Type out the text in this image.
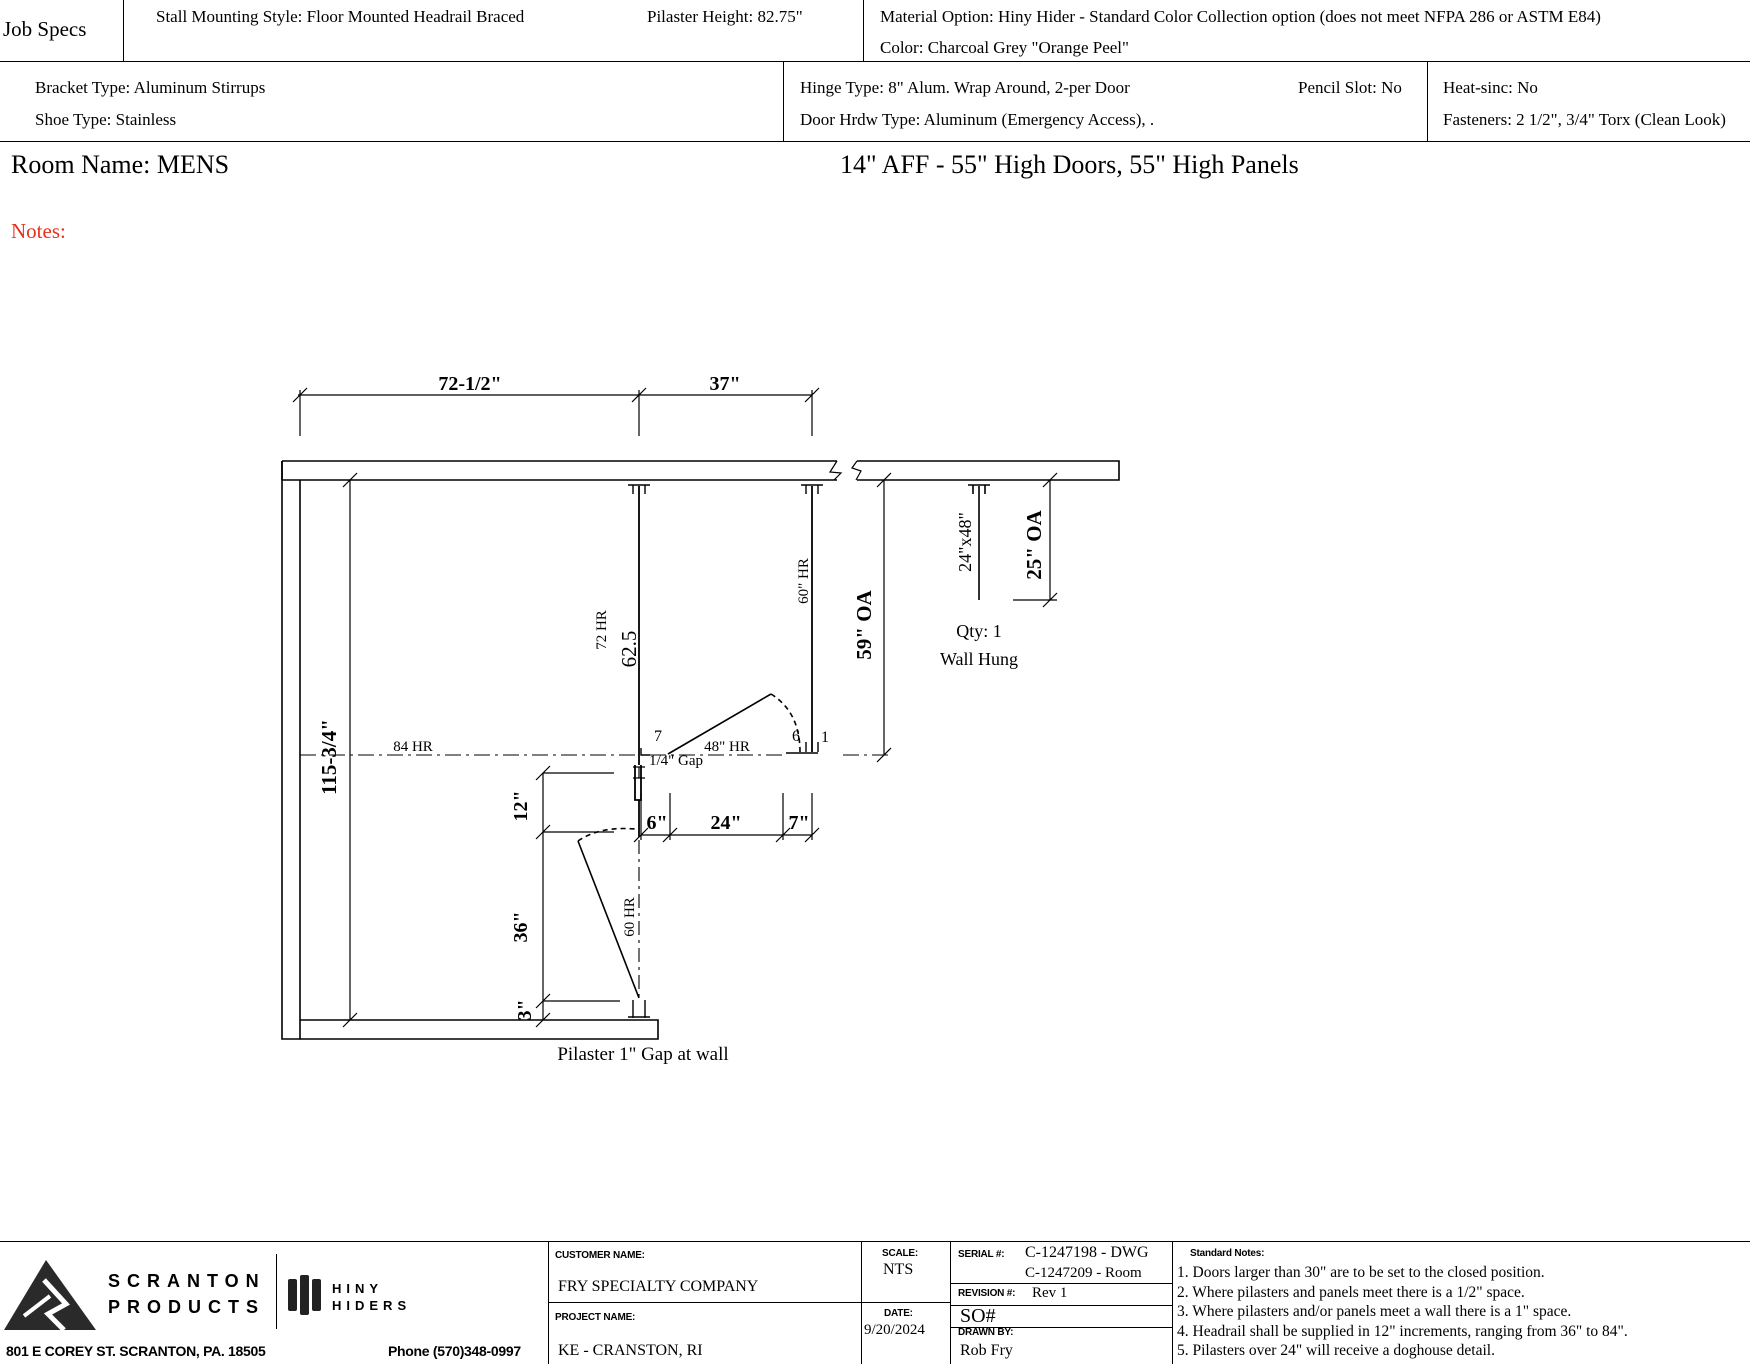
Job Specs
Stall Mounting Style: Floor Mounted Headrail Braced	Pilaster Height: 82.75"	Material Option: Hiny Hider - Standard Color Collection option (does not meet NFPA 286 or ASTM E84)
Color: Charcoal Grey "Orange Peel"
Bracket Type: Aluminum Stirrups
Shoe Type: Stainless
Hinge Type: 8" Alum. Wrap Around, 2-per Door	Pencil Slot: No
Door Hrdw Type: Aluminum (Emergency Access), .
Heat-sinc: No
Fasteners: 2 1/2", 3/4" Torx (Clean Look)
Room Name: MENS	14" AFF - 55" High Doors, 55" High Panels
Notes:
72-1/2"	37"
115-3/4"	84 HR
72 HR 62.5
60" HR
59" OA
24"x48" 25" OA
Qty: 1
Wall Hung
7	6 1
48" HR
1/4" Gap
12"
6" 24" 7"
36"	60 HR
3"
Pilaster 1" Gap at wall
SCRANTON
PRODUCTS
HINY
HIDERS
801 E COREY ST. SCRANTON, PA. 18505	Phone (570)348-0997
CUSTOMER NAME:
FRY SPECIALTY COMPANY
PROJECT NAME:
KE - CRANSTON, RI
SCALE:
NTS
DATE:
9/20/2024
SERIAL #: C-1247198 - DWG
C-1247209 - Room
REVISION #: Rev 1
SO#
DRAWN BY:
Rob Fry
Standard Notes:
1. Doors larger than 30" are to be set to the closed position.
2. Where pilasters and panels meet there is a 1/2" space.
3. Where pilasters and/or panels meet a wall there is a 1" space.
4. Headrail shall be supplied in 12" increments, ranging from 36" to 84".
5. Pilasters over 24" will receive a doghouse detail.
